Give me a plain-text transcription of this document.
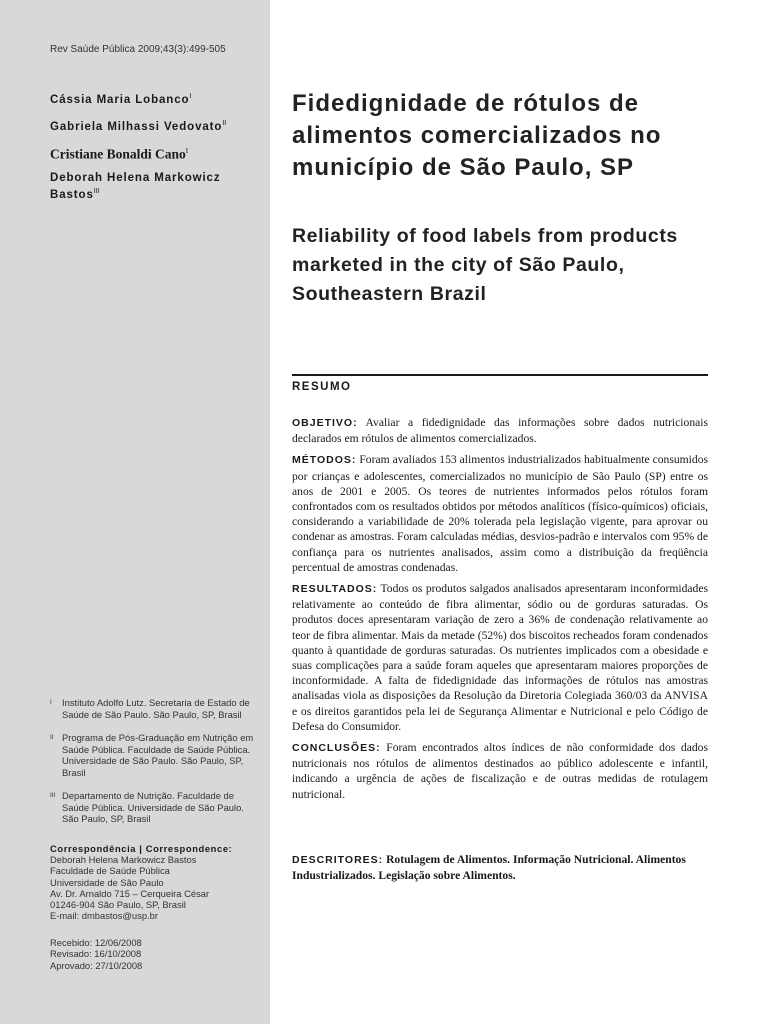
Rev Saúde Pública 2009;43(3):499-505
Cássia Maria Lobanco$^I$
Gabriela Milhassi Vedovato$^{II}$
Cristiane Bonaldi Cano$^I$
Deborah Helena Markowicz Bastos$^{III}$
Fidedignidade de rótulos de alimentos comercializados no município de São Paulo, SP
Reliability of food labels from products marketed in the city of São Paulo, Southeastern Brazil
RESUMO

OBJETIVO: Avaliar a fidedignidade das informações sobre dados nutricionais declarados em rótulos de alimentos comercializados.

MÉTODOS: Foram avaliados 153 alimentos industrializados habitualmente consumidos por crianças e adolescentes, comercializados no município de São Paulo (SP) entre os anos de 2001 e 2005. Os teores de nutrientes informados pelos rótulos foram confrontados com os resultados obtidos por métodos analíticos (físico-químicos) oficiais, considerando a variabilidade de 20% tolerada pela legislação vigente, para aprovar ou condenar as amostras. Foram calculadas médias, desvios-padrão e intervalos com 95% de confiança para os nutrientes analisados, assim como a distribuição da freqüência percentual de amostras condenadas.

RESULTADOS: Todos os produtos salgados analisados apresentaram inconformidades relativamente ao conteúdo de fibra alimentar, sódio ou de gorduras saturadas. Os produtos doces apresentaram variação de zero a 36% de condenação relativamente ao teor de fibra alimentar. Mais da metade (52%) dos biscoitos recheados foram condenados quanto à quantidade de gorduras saturadas. Os nutrientes implicados com a obesidade e suas complicações para a saúde foram aqueles que apresentaram maiores proporções de inconformidade. A falta de fidedignidade das informações de rótulos nas amostras analisadas viola as disposições da Resolução da Diretoria Colegiada 360/03 da ANVISA e os direitos garantidos pela lei de Segurança Alimentar e Nutricional e pelo Código de Defesa do Consumidor.

CONCLUSÕES: Foram encontrados altos índices de não conformidade dos dados nutricionais nos rótulos de alimentos destinados ao público adolescente e infantil, indicando a urgência de ações de fiscalização e de outras medidas de rotulagem nutricional.

DESCRITORES: Rotulagem de Alimentos. Informação Nutricional. Alimentos Industrializados. Legislação sobre Alimentos.
I	Instituto Adolfo Lutz. Secretaria de Estado de Saúde de São Paulo. São Paulo, SP, Brasil
II Programa de Pós-Graduação em Nutrição em Saúde Pública. Faculdade de Saúde Pública. Universidade de São Paulo. São Paulo, SP, Brasil
III Departamento de Nutrição. Faculdade de Saúde Pública. Universidade de São Paulo. São Paulo, SP, Brasil
Correspondência | Correspondence:
Deborah Helena Markowicz Bastos
Faculdade de Saúde Pública
Universidade de São Paulo
Av. Dr. Arnaldo 715 – Cerqueira César
01246-904 São Paulo, SP, Brasil
E-mail: dmbastos@usp.br
Recebido: 12/06/2008
Revisado: 16/10/2008
Aprovado: 27/10/2008
